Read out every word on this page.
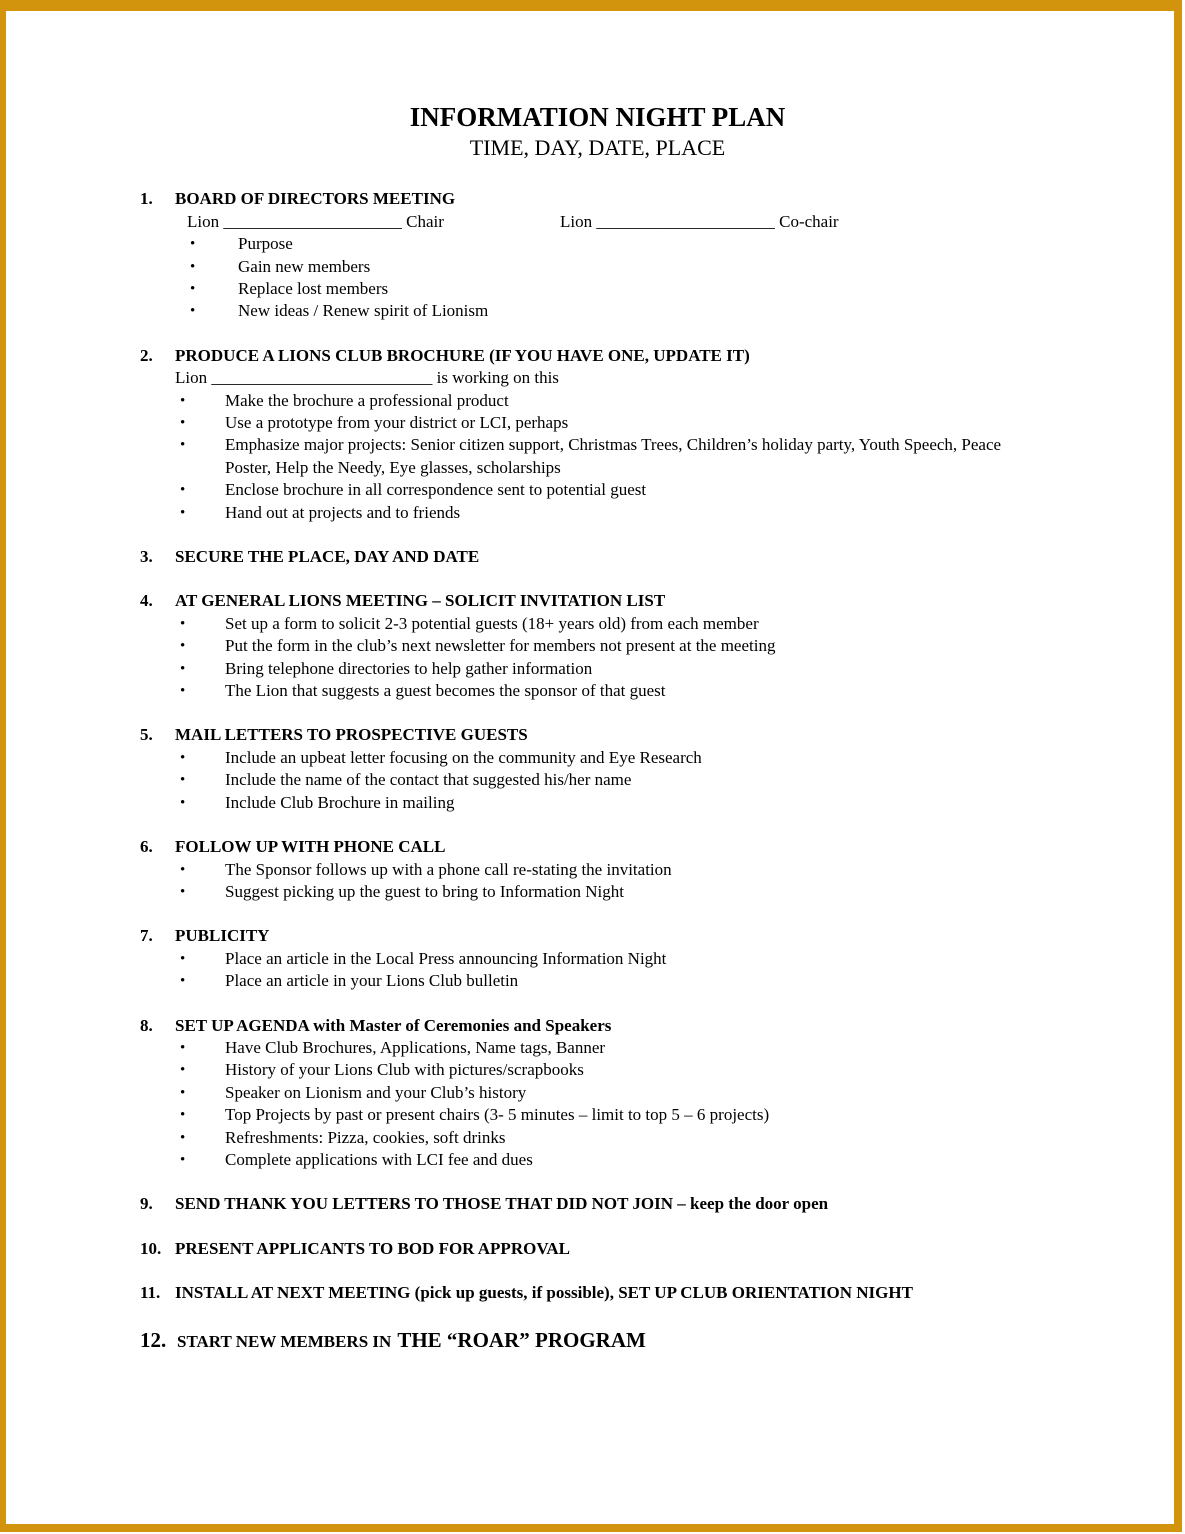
INFORMATION NIGHT PLAN
TIME, DAY, DATE, PLACE
1.	BOARD OF DIRECTORS MEETING
Lion _____________________ Chair	Lion _____________________ Co-chair
•	Purpose
•	Gain new members
•	Replace lost members
•	New ideas / Renew spirit of Lionism
2.	PRODUCE A LIONS CLUB BROCHURE (IF YOU HAVE ONE, UPDATE IT)
Lion __________________________ is working on this
•	Make the brochure a professional product
•	Use a prototype from your district or LCI, perhaps
•	Emphasize major projects: Senior citizen support, Christmas Trees, Children’s holiday party, Youth Speech, Peace Poster, Help the Needy, Eye glasses, scholarships
•	Enclose brochure in all correspondence sent to potential guest
•	Hand out at projects and to friends
3.	SECURE THE PLACE, DAY AND DATE
4.	AT GENERAL LIONS MEETING – SOLICIT INVITATION LIST
•	Set up a form to solicit 2-3 potential guests (18+ years old) from each member
•	Put the form in the club’s next newsletter for members not present at the meeting
•	Bring telephone directories to help gather information
•	The Lion that suggests a guest becomes the sponsor of that guest
5.	MAIL LETTERS TO PROSPECTIVE GUESTS
•	Include an upbeat letter focusing on the community and Eye Research
•	Include the name of the contact that suggested his/her name
•	Include Club Brochure in mailing
6.	FOLLOW UP WITH PHONE CALL
•	The Sponsor follows up with a phone call re-stating the invitation
•	Suggest picking up the guest to bring to Information Night
7.	PUBLICITY
•	Place an article in the Local Press announcing Information Night
•	Place an article in your Lions Club bulletin
8.	SET UP AGENDA with Master of Ceremonies and Speakers
•	Have Club Brochures, Applications, Name tags, Banner
•	History of your Lions Club with pictures/scrapbooks
•	Speaker on Lionism and your Club’s history
•	Top Projects by past or present chairs (3- 5 minutes – limit to top 5 – 6 projects)
•	Refreshments: Pizza, cookies, soft drinks
•	Complete applications with LCI fee and dues
9.	SEND THANK YOU LETTERS TO THOSE THAT DID NOT JOIN – keep the door open
10. PRESENT APPLICANTS TO BOD FOR APPROVAL
11. INSTALL AT NEXT MEETING (pick up guests, if possible), SET UP CLUB ORIENTATION NIGHT
12. START NEW MEMBERS IN THE “ROAR” PROGRAM
